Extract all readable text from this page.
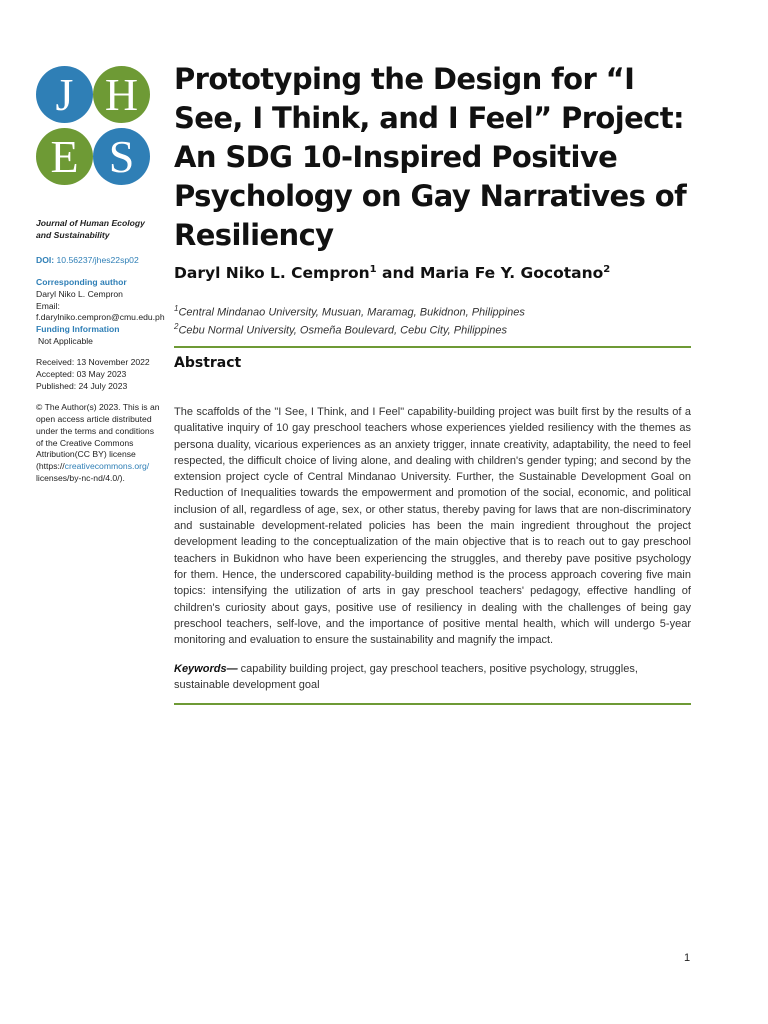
J H
E S
Journal of Human Ecology and Sustainability
DOI: 10.56237/jhes22sp02
Corresponding author
Daryl Niko L. Cempron
Email:
f.darylniko.cempron@cmu.edu.ph
Funding Information
Not Applicable
Received: 13 November 2022
Accepted: 03 May 2023
Published: 24 July 2023
© The Author(s) 2023. This is an open access article distributed under the terms and conditions of the Creative Commons Attribution(CC BY) license (https://creativecommons.org/
licenses/by-nc-nd/4.0/).
Prototyping the Design for “I See, I Think, and I Feel” Project: An SDG 10-Inspired Positive Psychology on Gay Narratives of Resiliency
Daryl Niko L. Cempron$^1$ and Maria Fe Y. Gocotano$^2$
$^1$Central Mindanao University, Musuan, Maramag, Bukidnon, Philippines
$^2$Cebu Normal University, Osmeña Boulevard, Cebu City, Philippines
Abstract
The scaffolds of the "I See, I Think, and I Feel" capability-building project was built first by the results of a qualitative inquiry of 10 gay preschool teachers whose experiences yielded resiliency with the themes as persona duality, vicarious experiences as an anxiety trigger, innate creativity, adaptability, the need to feel respected, the difficult choice of living alone, and dealing with children's gender typing; and second by the extension project cycle of Central Mindanao University. Further, the Sustainable Development Goal on Reduction of Inequalities towards the empowerment and promotion of the social, economic, and political inclusion of all, regardless of age, sex, or other status, thereby paving for laws that are non-discriminatory and sustainable development-related policies has been the main ingredient throughout the project development leading to the conceptualization of the main objective that is to reach out to gay preschool teachers in Bukidnon who have been experiencing the struggles, and thereby pave positive psychology for them. Hence, the underscored capability-building method is the process approach covering five main topics: intensifying the utilization of arts in gay preschool teachers' pedagogy, effective handling of children's curiosity about gays, positive use of resiliency in dealing with the challenges of being gay preschool teachers, self-love, and the importance of positive mental health, which will undergo 5-year monitoring and evaluation to ensure the sustainability and magnify the impact.
Keywords— capability building project, gay preschool teachers, positive psychology, struggles, sustainable development goal
1
